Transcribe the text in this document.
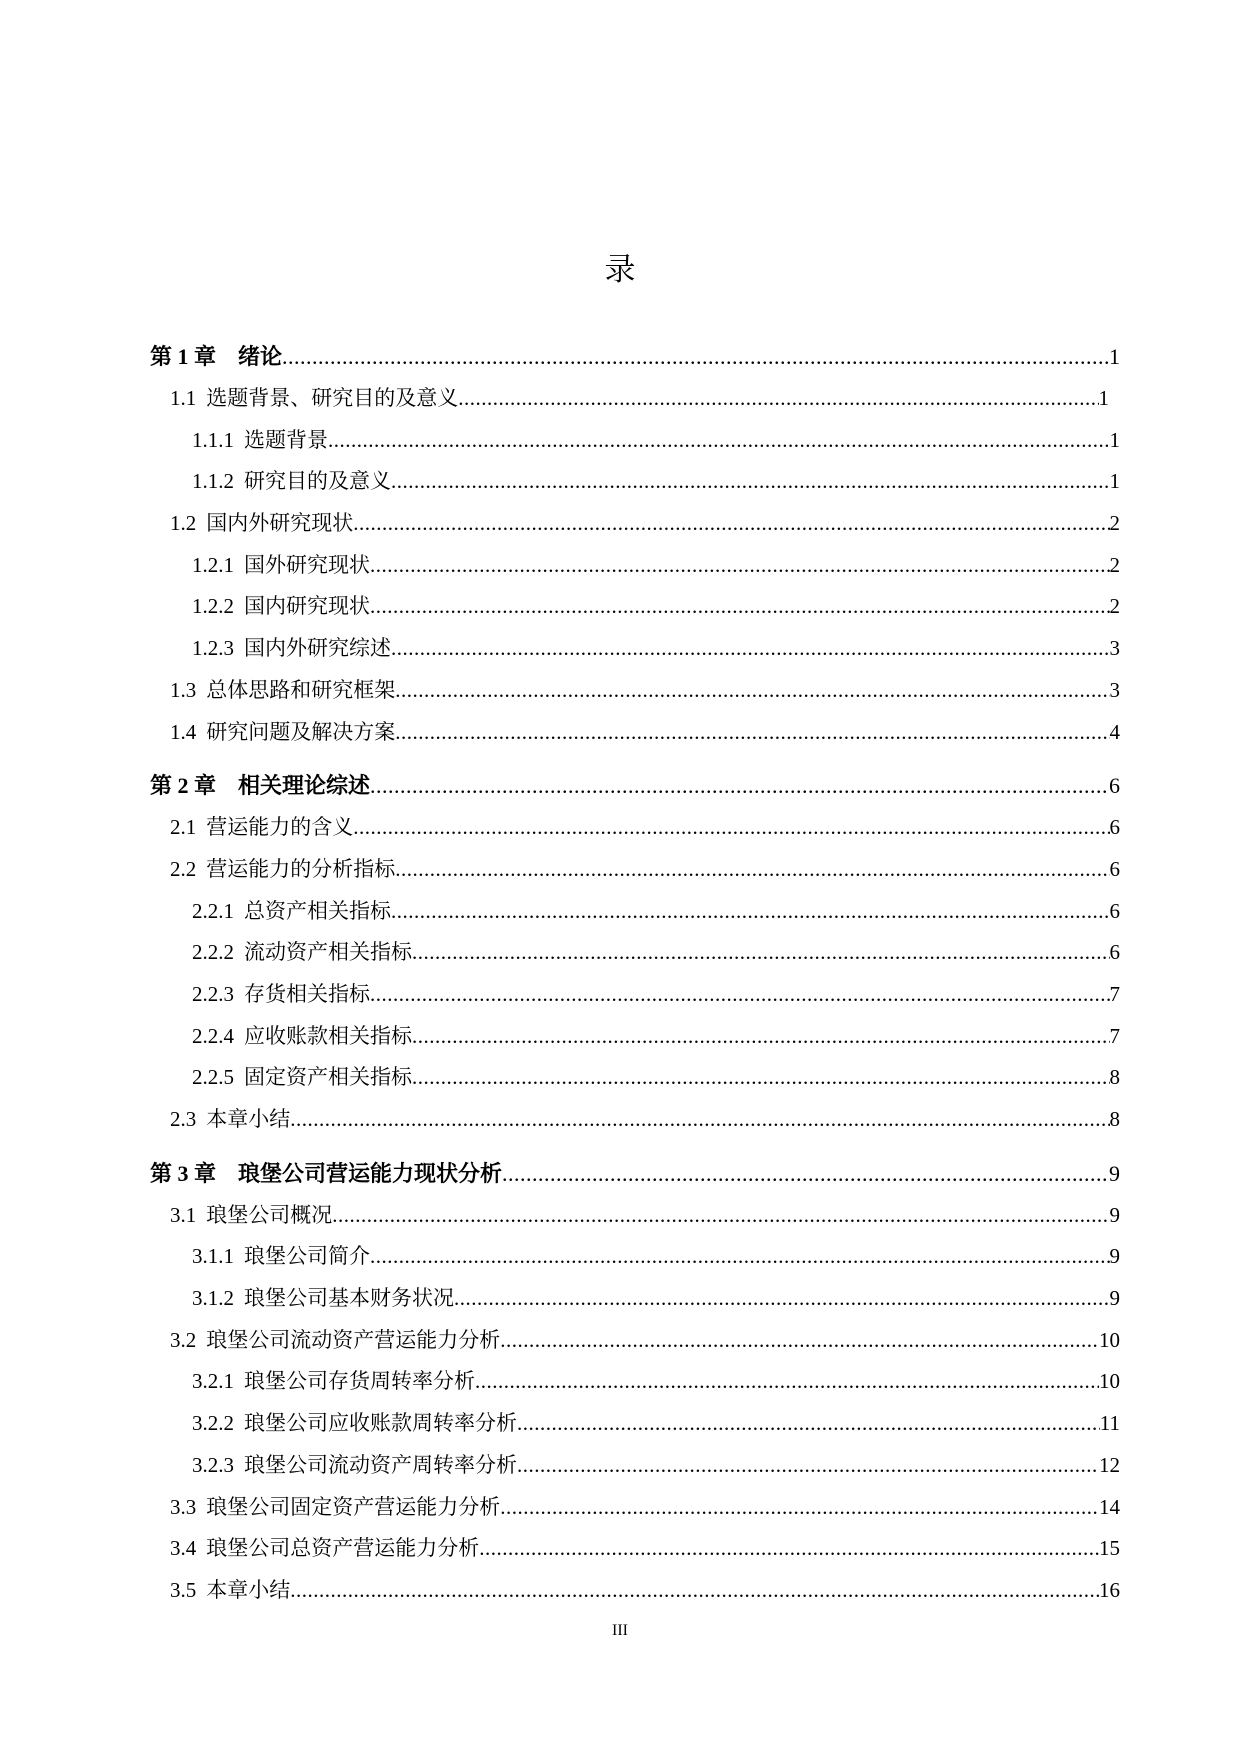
录
第 1 章 绪论 .....	1
1.1 选题背景、研究目的及意义 .....	1
1.1.1 选题背景 .....	1
1.1.2 研究目的及意义 .....	1
1.2 国内外研究现状 .....	2
1.2.1 国外研究现状 .....	2
1.2.2 国内研究现状 .....	2
1.2.3 国内外研究综述 .....	3
1.3 总体思路和研究框架 .....	3
1.4 研究问题及解决方案 .....	4
第 2 章 相关理论综述 .....	6
2.1 营运能力的含义 .....	6
2.2 营运能力的分析指标 .....	6
2.2.1 总资产相关指标 .....	6
2.2.2 流动资产相关指标 .....	6
2.2.3 存货相关指标 .....	7
2.2.4 应收账款相关指标 .....	7
2.2.5 固定资产相关指标 .....	8
2.3 本章小结 .....	8
第 3 章 琅堡公司营运能力现状分析 .....	9
3.1 琅堡公司概况 .....	9
3.1.1 琅堡公司简介 .....	9
3.1.2 琅堡公司基本财务状况 .....	9
3.2 琅堡公司流动资产营运能力分析 .....	10
3.2.1 琅堡公司存货周转率分析 .....	10
3.2.2 琅堡公司应收账款周转率分析 .....	11
3.2.3 琅堡公司流动资产周转率分析 .....	12
3.3 琅堡公司固定资产营运能力分析 .....	14
3.4 琅堡公司总资产营运能力分析 .....	15
3.5 本章小结 .....	16
III
